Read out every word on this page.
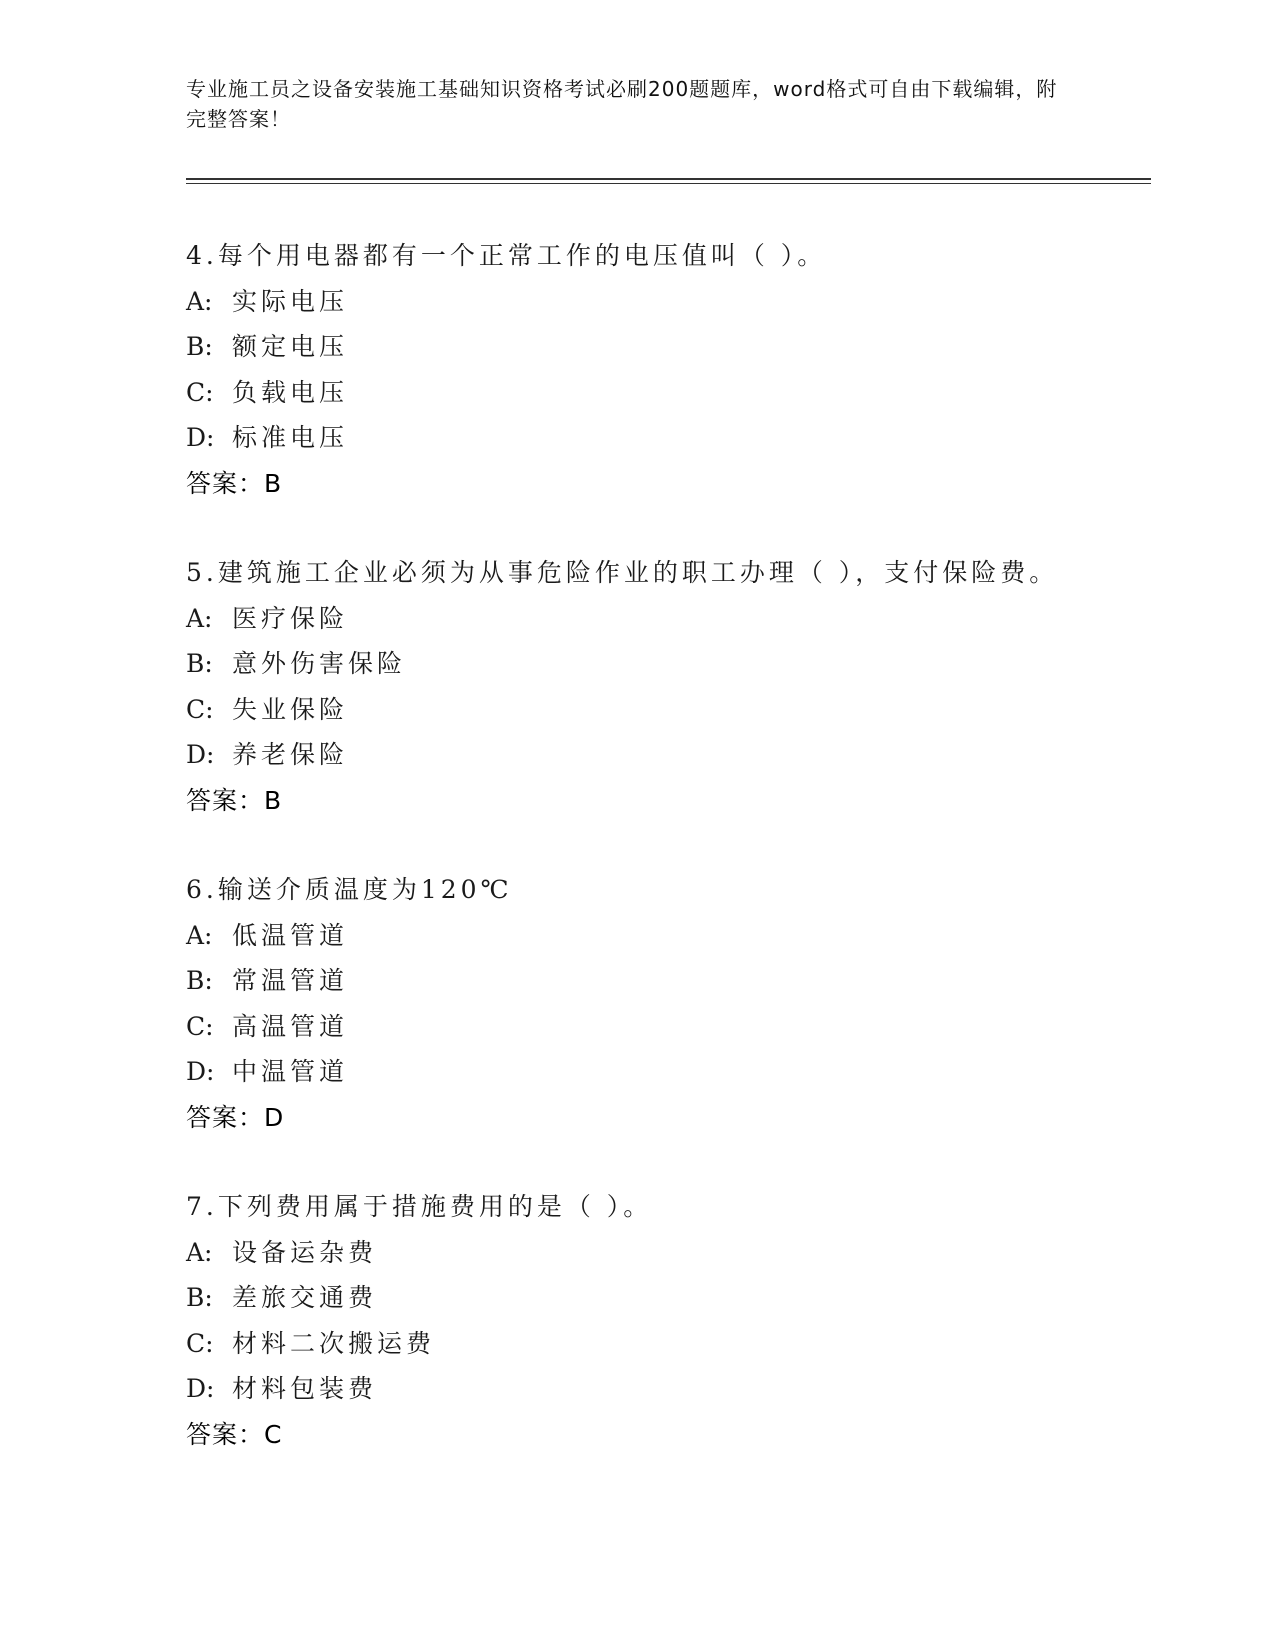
专业施工员之设备安装施工基础知识资格考试必刷200题题库，word格式可自由下载编辑，附完整答案！
4.每个用电器都有一个正常工作的电压值叫（ ）。
A: 实际电压
B: 额定电压
C: 负载电压
D: 标准电压
答案：B
5.建筑施工企业必须为从事危险作业的职工办理（ ），支付保险费。
A: 医疗保险
B: 意外伤害保险
C: 失业保险
D: 养老保险
答案：B
6.输送介质温度为120℃
A: 低温管道
B: 常温管道
C: 高温管道
D: 中温管道
答案：D
7.下列费用属于措施费用的是（ ）。
A: 设备运杂费
B: 差旅交通费
C: 材料二次搬运费
D: 材料包装费
答案：C
